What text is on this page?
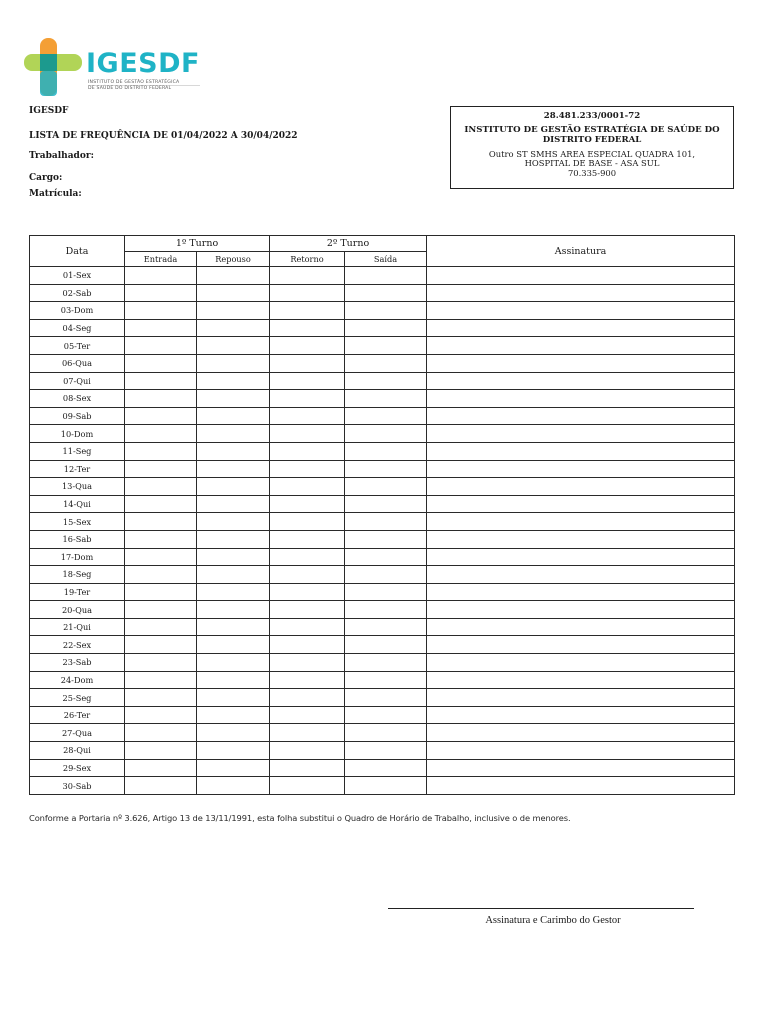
IGESDF
INSTITUTO DE GESTÃO ESTRATÉGICA
DE SAÚDE DO DISTRITO FEDERAL
IGESDF
LISTA DE FREQUÊNCIA DE 01/04/2022 A 30/04/2022
Trabalhador:
Cargo:
Matrícula:
28.481.233/0001-72
INSTITUTO DE GESTÃO ESTRATÉGIA DE SAÚDE DO DISTRITO FEDERAL
Outro ST SMHS AREA ESPECIAL QUADRA 101,
HOSPITAL DE BASE - ASA SUL
70.335-900
Data	1º Turno		2º Turno		Assinatura
	Entrada	Repouso	Retorno	Saída	
01-Sex					
02-Sab					
03-Dom					
04-Seg					
05-Ter					
06-Qua					
07-Qui					
08-Sex					
09-Sab					
10-Dom					
11-Seg					
12-Ter					
13-Qua					
14-Qui					
15-Sex					
16-Sab					
17-Dom					
18-Seg					
19-Ter					
20-Qua					
21-Qui					
22-Sex					
23-Sab					
24-Dom					
25-Seg					
26-Ter					
27-Qua					
28-Qui					
29-Sex					
30-Sab					
Conforme a Portaria nº 3.626, Artigo 13 de 13/11/1991, esta folha substitui o Quadro de Horário de Trabalho, inclusive o de menores.
Assinatura e Carimbo do Gestor
